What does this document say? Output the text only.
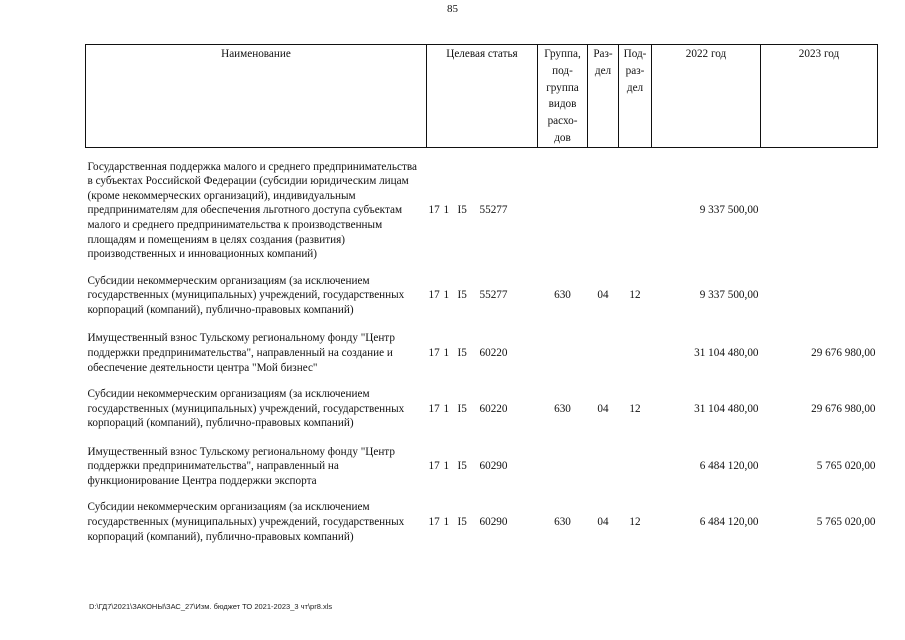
85
Наименование	Целевая статья	Группа, под-группа видов расхо-дов	Раз-дел	Под-раз-дел	2022 год	2023 год

Государственная поддержка малого и среднего предпринимательства в субъектах Российской Федерации (субсидии юридическим лицам (кроме некоммерческих организаций), индивидуальным предпринимателям для обеспечения льготного доступа субъектам малого и среднего предпринимательства к производственным площадям и помещениям в целях создания (развития) производственных и инновационных компаний)	17 1 I5 55277				9 337 500,00	

Субсидии некоммерческим организациям (за исключением государственных (муниципальных) учреждений, государственных корпораций (компаний), публично-правовых компаний)	17 1 I5 55277	630	04	12	9 337 500,00	

Имущественный взнос Тульскому региональному фонду "Центр поддержки предпринимательства", направленный на создание и обеспечение деятельности центра "Мой бизнес"	17 1 I5 60220				31 104 480,00	29 676 980,00

Субсидии некоммерческим организациям (за исключением государственных (муниципальных) учреждений, государственных корпораций (компаний), публично-правовых компаний)	17 1 I5 60220	630	04	12	31 104 480,00	29 676 980,00

Имущественный взнос Тульскому региональному фонду "Центр поддержки предпринимательства", направленный на функционирование Центра поддержки экспорта	17 1 I5 60290				6 484 120,00	5 765 020,00

Субсидии некоммерческим организациям (за исключением государственных (муниципальных) учреждений, государственных корпораций (компаний), публично-правовых компаний)	17 1 I5 60290	630	04	12	6 484 120,00	5 765 020,00
D:\ГД7\2021\ЗАКОНЫ\ЗАС_27\Изм. бюджет ТО 2021-2023_3 чт\pr8.xls
